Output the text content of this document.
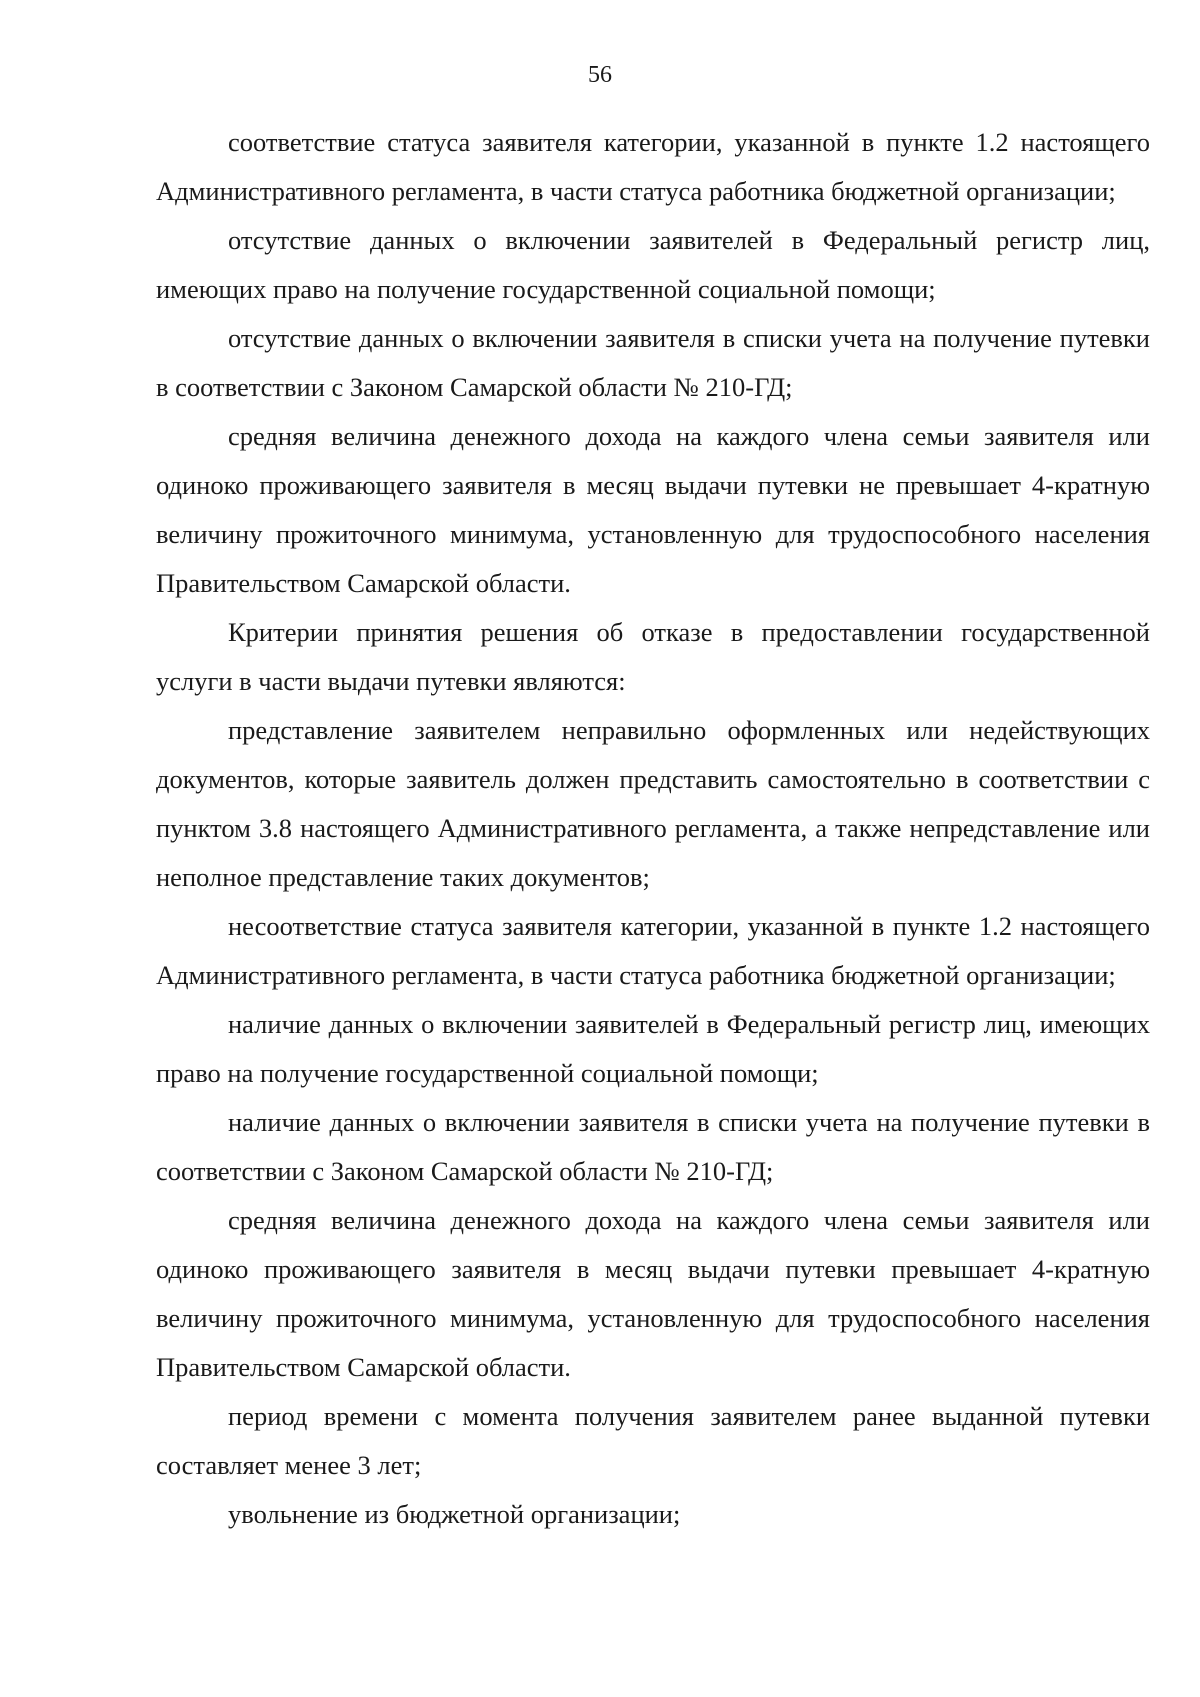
56

соответствие статуса заявителя категории, указанной в пункте 1.2 настоящего Административного регламента, в части статуса работника бюджетной организации;

отсутствие данных о включении заявителей в Федеральный регистр лиц, имеющих право на получение государственной социальной помощи;

отсутствие данных о включении заявителя в списки учета на получение путевки в соответствии с Законом Самарской области № 210-ГД;

средняя величина денежного дохода на каждого члена семьи заявителя или одиноко проживающего заявителя в месяц выдачи путевки не превышает 4-кратную величину прожиточного минимума, установленную для трудоспособного населения Правительством Самарской области.

Критерии принятия решения об отказе в предоставлении государственной услуги в части выдачи путевки являются:

представление заявителем неправильно оформленных или недействующих документов, которые заявитель должен представить самостоятельно в соответствии с пунктом 3.8 настоящего Административного регламента, а также непредставление или неполное представление таких документов;

несоответствие статуса заявителя категории, указанной в пункте 1.2 настоящего Административного регламента, в части статуса работника бюджетной организации;

наличие данных о включении заявителей в Федеральный регистр лиц, имеющих право на получение государственной социальной помощи;

наличие данных о включении заявителя в списки учета на получение путевки в соответствии с Законом Самарской области № 210-ГД;

средняя величина денежного дохода на каждого члена семьи заявителя или одиноко проживающего заявителя в месяц выдачи путевки превышает 4-кратную величину прожиточного минимума, установленную для трудоспособного населения Правительством Самарской области.

период времени с момента получения заявителем ранее выданной путевки составляет менее 3 лет;

увольнение из бюджетной организации;
